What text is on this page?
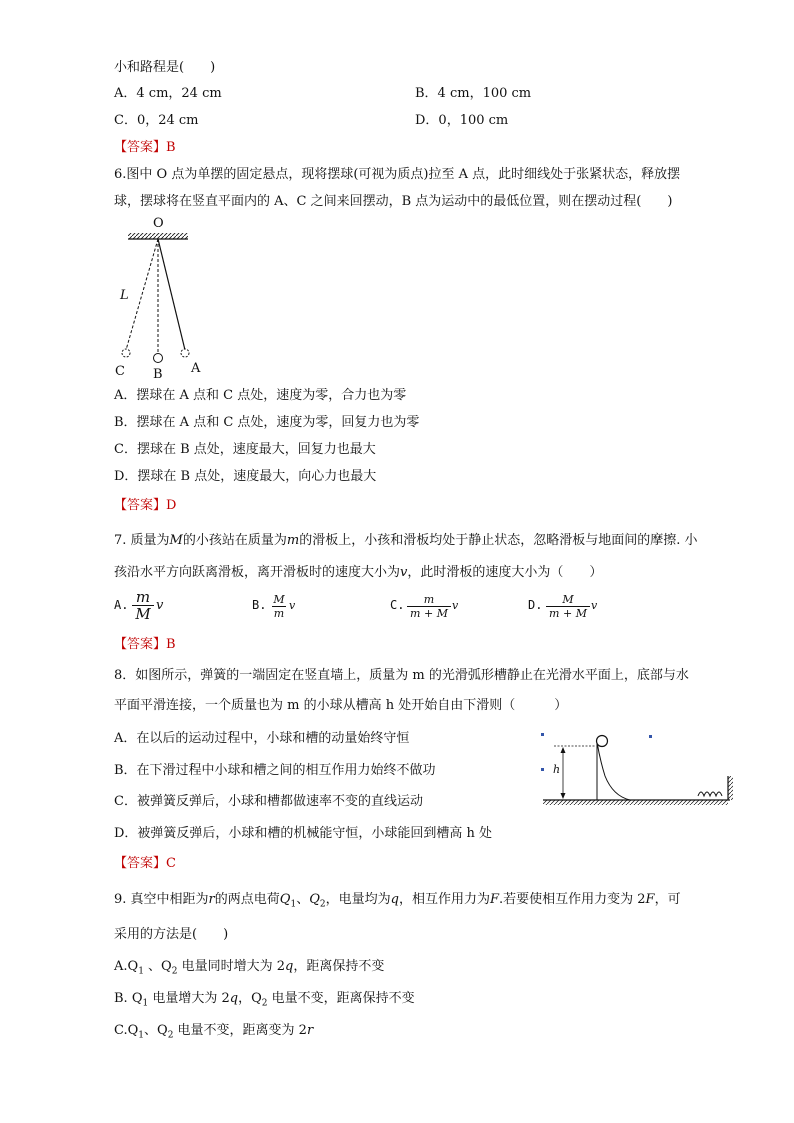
小和路程是(　　)
A．4 cm，24 cm	B．4 cm，100 cm
C．0，24 cm	D．0，100 cm
【答案】B
6.图中 O 点为单摆的固定悬点，现将摆球(可视为质点)拉至 A 点，此时细线处于张紧状态，释放摆
球，摆球将在竖直平面内的 A、C 之间来回摆动，B 点为运动中的最低位置，则在摆动过程(　　)
O
L
C B A
A．摆球在 A 点和 C 点处，速度为零，合力也为零
B．摆球在 A 点和 C 点处，速度为零，回复力也为零
C．摆球在 B 点处，速度最大，回复力也最大
D．摆球在 B 点处，速度最大，向心力也最大
【答案】D
7. 质量为M的小孩站在质量为m的滑板上，小孩和滑板均处于静止状态，忽略滑板与地面间的摩擦. 小
孩沿水平方向跃离滑板，离开滑板时的速度大小为v，此时滑板的速度大小为（　　）
A. m
M v	B. M
m
v	C.	m
m + M
v	D.	M
m + M
v
【答案】B
8．如图所示，弹簧的一端固定在竖直墙上，质量为 m 的光滑弧形槽静止在光滑水平面上，底部与水
平面平滑连接，一个质量也为 m 的小球从槽高 h 处开始自由下滑则（　　　）
A．在以后的运动过程中，小球和槽的动量始终守恒
B．在下滑过程中小球和槽之间的相互作用力始终不做功
C．被弹簧反弹后，小球和槽都做速率不变的直线运动
D．被弹簧反弹后，小球和槽的机械能守恒，小球能回到槽高 h 处
h
【答案】C
9. 真空中相距为r的两点电荷$Q_1$、$Q_2$，电量均为q，相互作用力为F.若要使相互作用力变为 2F，可
采用的方法是(　　)
$A.Q_1$ 、$Q_2$ 电量同时增大为 2q，距离保持不变
B. $Q_1$ 电量增大为 2q，$Q_2$ 电量不变，距离保持不变
$C.Q_1$、$Q_2$ 电量不变，距离变为 2r
